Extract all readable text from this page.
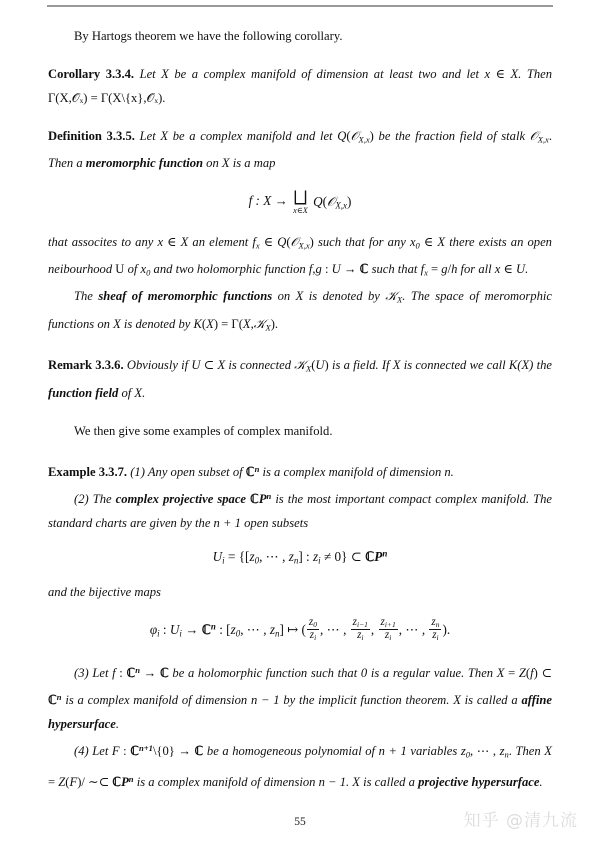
By Hartogs theorem we have the following corollary.

Corollary 3.3.4. Let X be a complex manifold of dimension at least two and let x ∈ X. Then Γ(X,𝒪ₓ) = Γ(X\{x},𝒪ₓ).

Definition 3.3.5. Let X be a complex manifold and let Q(𝒪$_{X,x}$) be the fraction field of stalk 𝒪$_{X,x}$. Then a meromorphic function on X is a map

f : X → ⨆
x∈X
Q(𝒪$_{X,x}$)

that assocites to any x ∈ X an element $f_x$ ∈ Q(𝒪$_{X,x}$) such that for any $x_0$ ∈ X there exists an open neibourhood U of $x_0$ and two holomorphic function f,g : U → ℂ such that $f_x = g/h$ for all x ∈ U.

The sheaf of meromorphic functions on X is denoted by 𝒦$_X$. The space of meromorphic functions on X is denoted by K(X) = Γ(X,𝒦$_X$).

Remark 3.3.6. Obviously if U ⊂ X is connected 𝒦$_X$(U) is a field. If X is connected we call K(X) the function field of X.

We then give some examples of complex manifold.

Example 3.3.7. (1) Any open subset of ℂ$^n$ is a complex manifold of dimension n.

(2) The complex projective space ℂP$^n$ is the most important compact complex manifold. The standard charts are given by the n + 1 open subsets

$U_i = \{[z_0$, ⋯ , $z_n$] : $z_i \ne 0$} ⊂ ℂP$^n$

and the bijective maps

$\varphi_i$ : $U_i$ → ℂ$^n$ : [$z_0$, ⋯ , $z_n$] ↦ ( $\frac{z_0}{z_i}$ , ⋯ , $\frac{z_{i-1}}{z_i}$ , $\frac{z_{i+1}}{z_i}$ , ⋯ , $\frac{z_n}{z_i}$ ).

(3) Let f : ℂ$^n$ → ℂ be a holomorphic function such that 0 is a regular value. Then X = Z(f) ⊂ ℂ$^n$ is a complex manifold of dimension n − 1 by the implicit function theorem. X is called a affine hypersurface.

(4) Let F : ℂ$^{n+1}$\{0} → ℂ be a homogeneous polynomial of n + 1 variables $z_0$, ⋯ , $z_n$. Then X = Z(F)/ ∼⊂ ℂP$^n$ is a complex manifold of dimension n − 1. X is called a projective hypersurface.

55	知乎 @清九流
